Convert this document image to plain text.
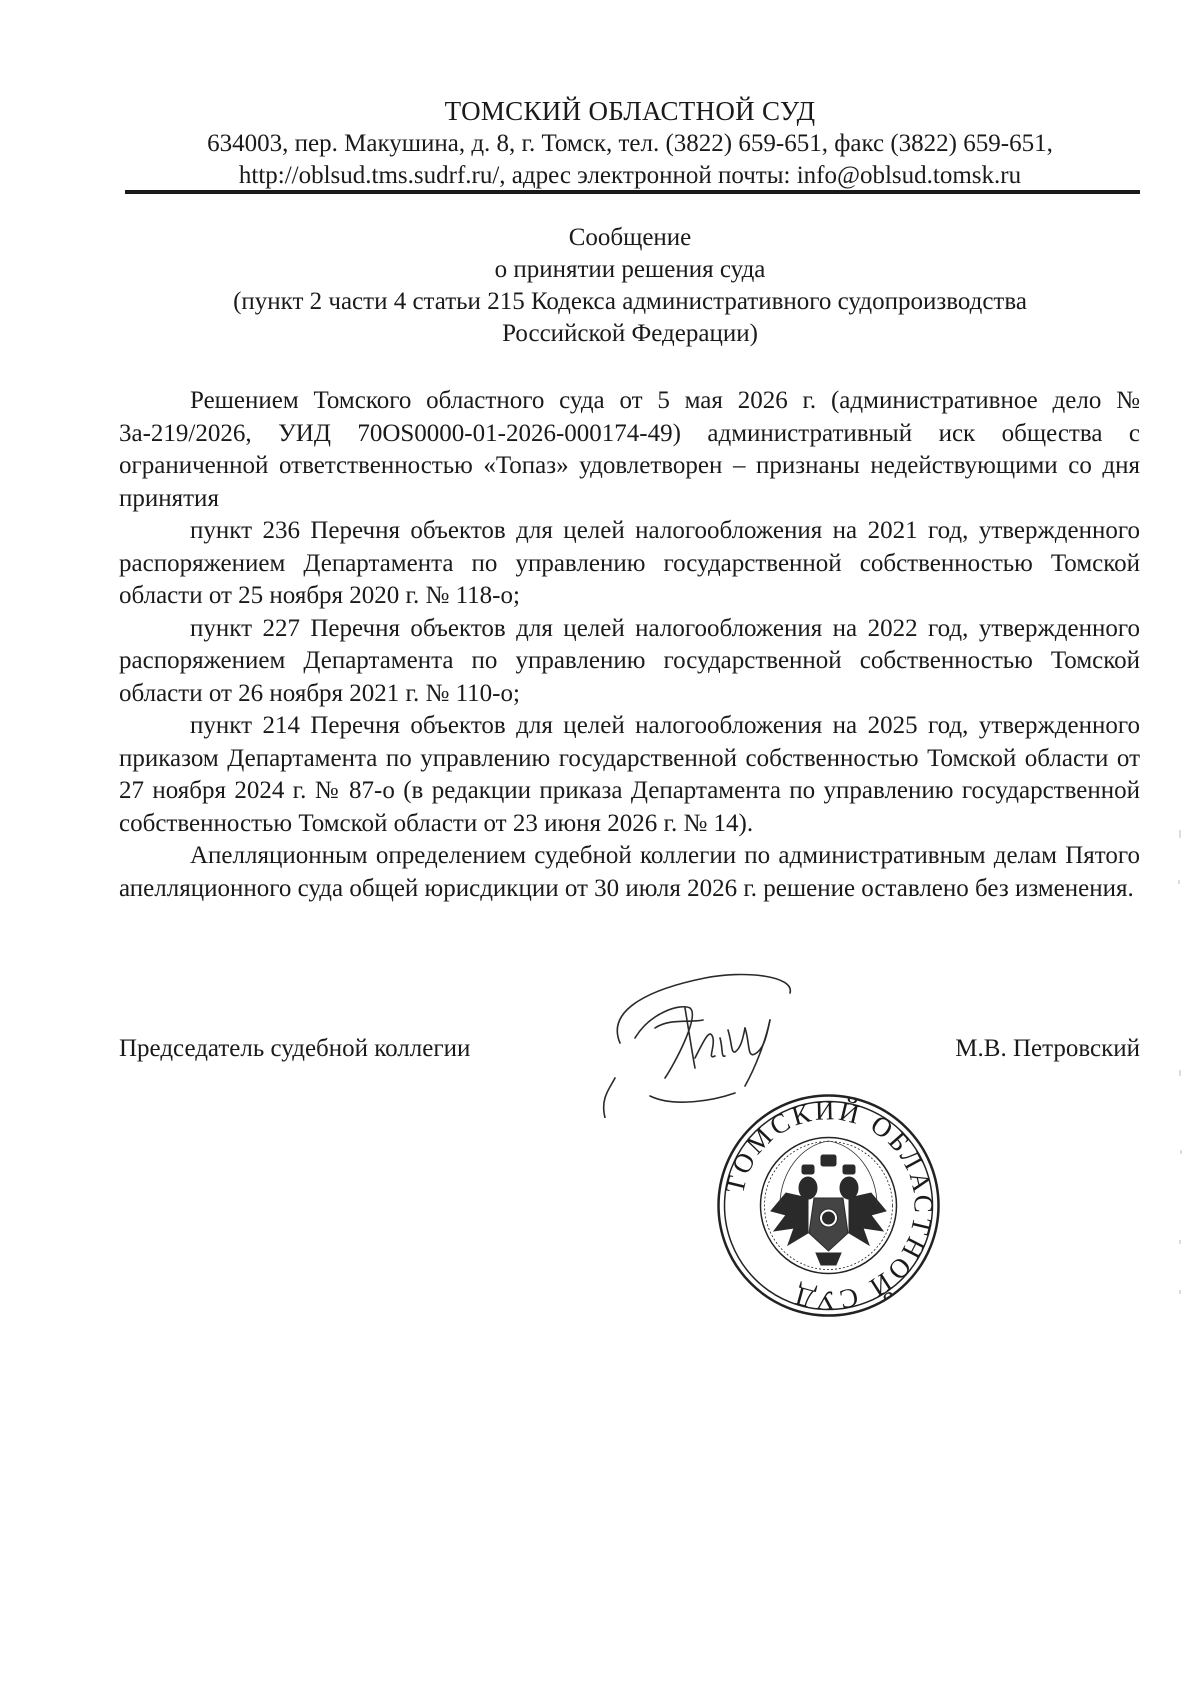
ТОМСКИЙ ОБЛАСТНОЙ СУД
634003, пер. Макушина, д. 8, г. Томск, тел. (3822) 659-651, факс (3822) 659-651,
http://oblsud.tms.sudrf.ru/, адрес электронной почты: info@oblsud.tomsk.ru
Сообщение
о принятии решения суда
(пункт 2 части 4 статьи 215 Кодекса административного судопроизводства
Российской Федерации)

Решением Томского областного суда от 5 мая 2026 г. (административное дело № 3а-219/2026, УИД 70OS0000-01-2026-000174-49) административный иск общества с ограниченной ответственностью «Топаз» удовлетворен – признаны недействующими со дня принятия

пункт 236 Перечня объектов для целей налогообложения на 2021 год, утвержденного распоряжением Департамента по управлению государственной собственностью Томской области от 25 ноября 2020 г. № 118-о;

пункт 227 Перечня объектов для целей налогообложения на 2022 год, утвержденного распоряжением Департамента по управлению государственной собственностью Томской области от 26 ноября 2021 г. № 110-о;

пункт 214 Перечня объектов для целей налогообложения на 2025 год, утвержденного приказом Департамента по управлению государственной собственностью Томской области от 27 ноября 2024 г. № 87-о (в редакции приказа Департамента по управлению государственной собственностью Томской области от 23 июня 2026 г. № 14).

Апелляционным определением судебной коллегии по административным делам Пятого апелляционного суда общей юрисдикции от 30 июля 2026 г. решение оставлено без изменения.

Председатель судебной коллегии	М.В. Петровский
ТОМСКИЙ ОБЛАСТНОЙ СУД
